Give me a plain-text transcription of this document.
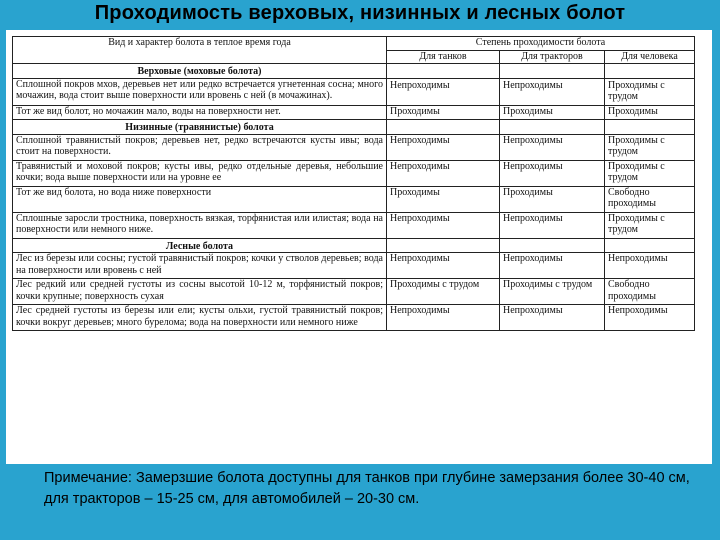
Проходимость верховых, низинных и лесных болот
Вид и характер болота в теплое время года	Степень проходимости болота		
	Для танков	Для тракторов	Для человека
Верховые (моховые болота)			
Сплошной покров мхов, деревьев нет или редко встречается угнетенная сосна; много мочажин, вода стоит выше поверхности или вровень с ней (в мочажинах).	Непроходимы	Непроходимы	Проходимы с трудом
Тот же вид болот, но мочажин мало, воды на поверхности нет.	Проходимы	Проходимы	Проходимы
Низинные (травянистые) болота			
Сплошной травянистый покров; деревьев нет, редко встречаются кусты ивы; вода стоит на поверхности.	Непроходимы	Непроходимы	Проходимы с трудом
Травянистый и моховой покров; кусты ивы, редко отдельные деревья, небольшие кочки; вода выше поверхности или на уровне ее	Непроходимы	Непроходимы	Проходимы с трудом
Тот же вид болота, но вода ниже поверхности	Проходимы	Проходимы	Свободно проходимы
Сплошные заросли тростника, поверхность вязкая, торфянистая или илистая; вода на поверхности или немного ниже.	Непроходимы	Непроходимы	Проходимы с трудом
Лесные болота			
Лес из березы или сосны; густой травянистый покров; кочки у стволов деревьев; вода на поверхности или вровень с ней	Непроходимы	Непроходимы	Непроходимы
Лес редкий или средней густоты из сосны высотой 10-12 м, торфянистый покров; кочки крупные; поверхность сухая	Проходимы с трудом	Проходимы с трудом	Свободно проходимы
Лес средней густоты из березы или ели; кусты ольхи, густой травянистый покров; кочки вокруг деревьев; много бурелома; вода на поверхности или немного ниже	Непроходимы	Непроходимы	Непроходимы
Примечание: Замерзшие болота доступны для танков при глубине замерзания более 30-40 см, для тракторов – 15-25 см, для автомобилей – 20-30 см.
